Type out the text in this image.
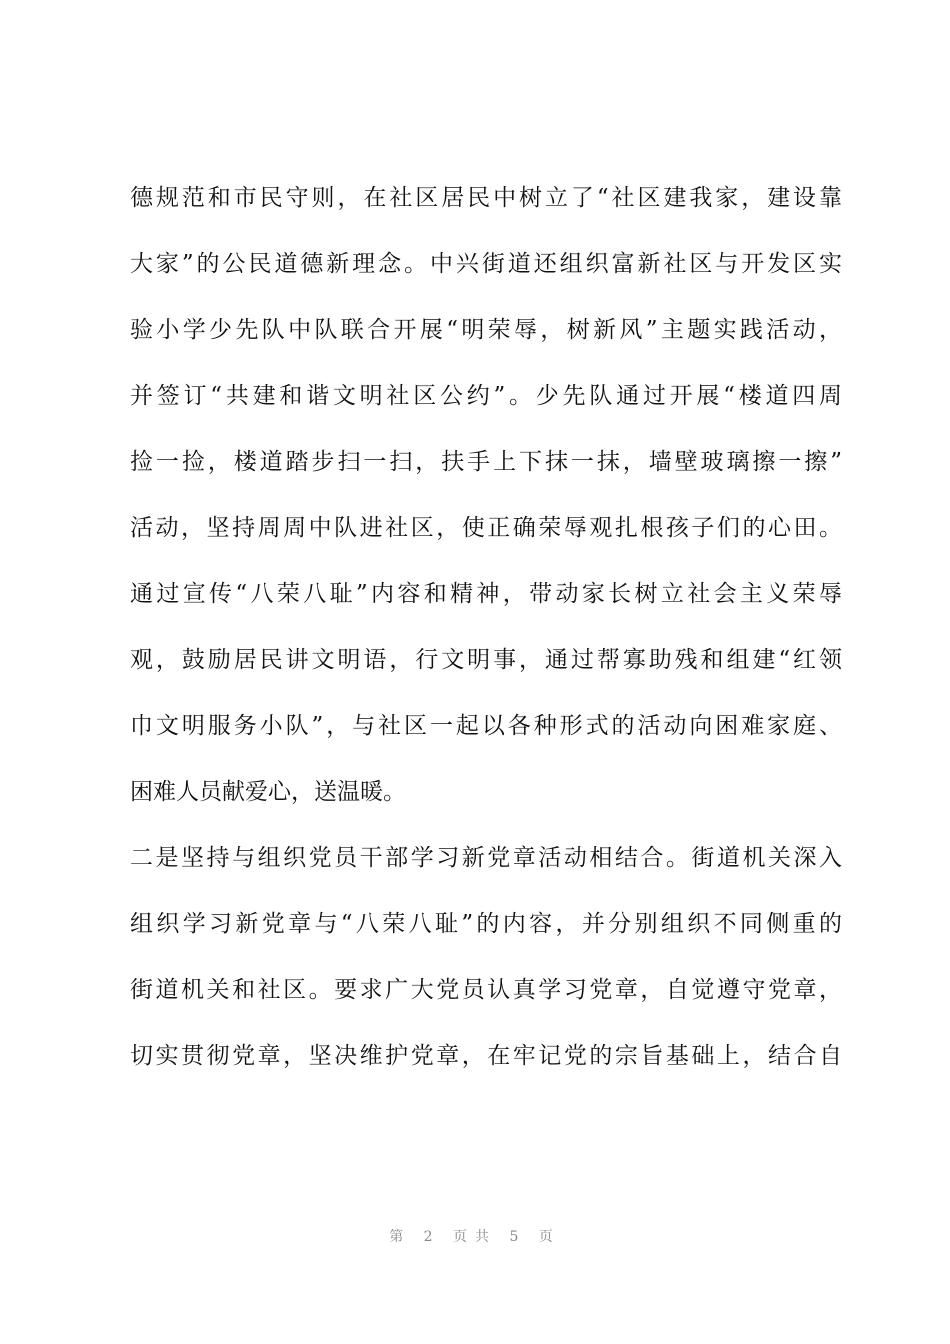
德规范和市民守则，在社区居民中树立了“社区建我家，建设靠
大家”的公民道德新理念。中兴街道还组织富新社区与开发区实
验小学少先队中队联合开展“明荣辱，树新风”主题实践活动，
并签订“共建和谐文明社区公约”。少先队通过开展“楼道四周
捡一捡，楼道踏步扫一扫，扶手上下抹一抹，墙壁玻璃擦一擦”
活动，坚持周周中队进社区，使正确荣辱观扎根孩子们的心田。
通过宣传“八荣八耻”内容和精神，带动家长树立社会主义荣辱
观，鼓励居民讲文明语，行文明事，通过帮寡助残和组建“红领
巾文明服务小队”，与社区一起以各种形式的活动向困难家庭、
困难人员献爱心，送温暖。
二是坚持与组织党员干部学习新党章活动相结合。街道机关深入
组织学习新党章与“八荣八耻”的内容，并分别组织不同侧重的
街道机关和社区。要求广大党员认真学习党章，自觉遵守党章，
切实贯彻党章，坚决维护党章，在牢记党的宗旨基础上，结合自
第 2 页共 5 页
